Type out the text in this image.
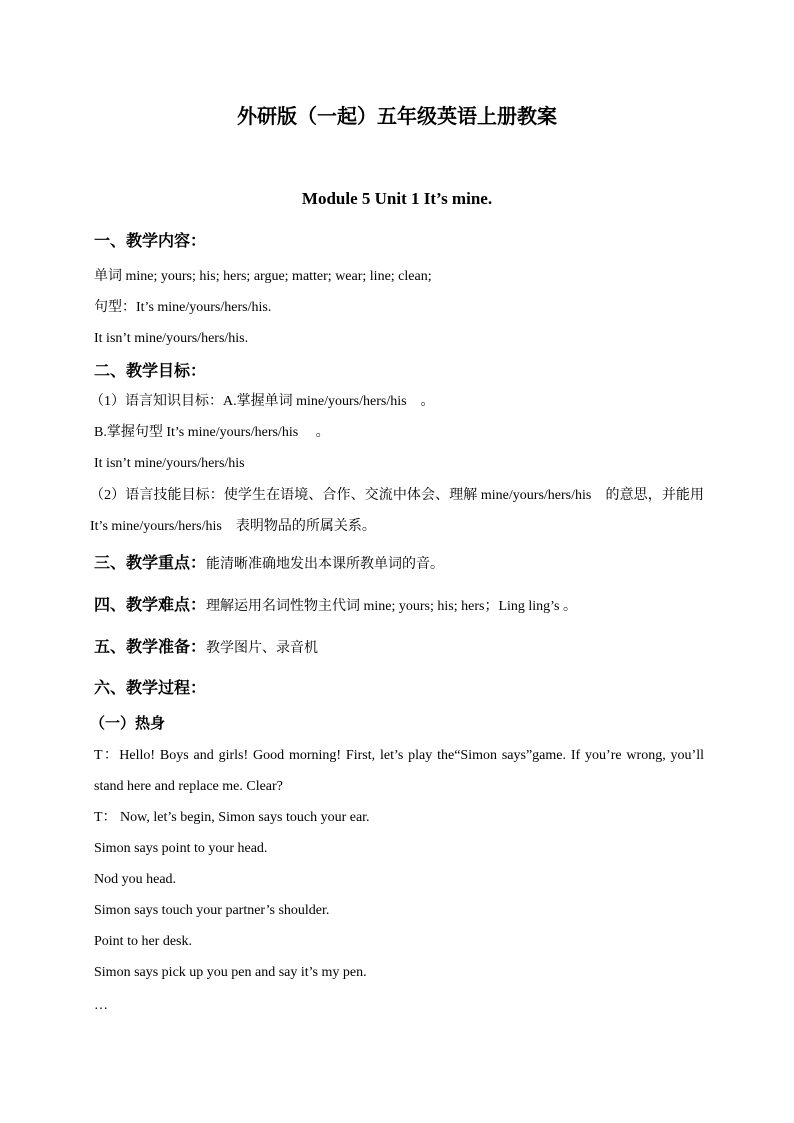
外研版（一起）五年级英语上册教案
Module 5 Unit 1 It’s mine.
一、教学内容：
单词 mine; yours; his; hers; argue; matter; wear; line; clean;
句型：It’s mine/yours/hers/his.
It isn’t mine/yours/hers/his.
二、教学目标：
（1）语言知识目标：A.掌握单词 mine/yours/hers/his　。
B.掌握句型 It’s mine/yours/hers/his　 。
It isn’t mine/yours/hers/his
（2）语言技能目标：使学生在语境、合作、交流中体会、理解 mine/yours/hers/his　的意思，并能用 It’s mine/yours/hers/his　表明物品的所属关系。
三、教学重点：能清晰准确地发出本课所教单词的音。
四、教学难点：理解运用名词性物主代词 mine; yours; his; hers；Ling ling’s 。
五、教学准备：教学图片、录音机
六、教学过程：
（一）热身
T：Hello! Boys and girls! Good morning! First, let’s play the“Simon says”game. If you’re wrong, you’ll stand here and replace me. Clear?
T： Now, let’s begin, Simon says touch your ear.
Simon says point to your head.
Nod you head.
Simon says touch your partner’s shoulder.
Point to her desk.
Simon says pick up you pen and say it’s my pen.
…
